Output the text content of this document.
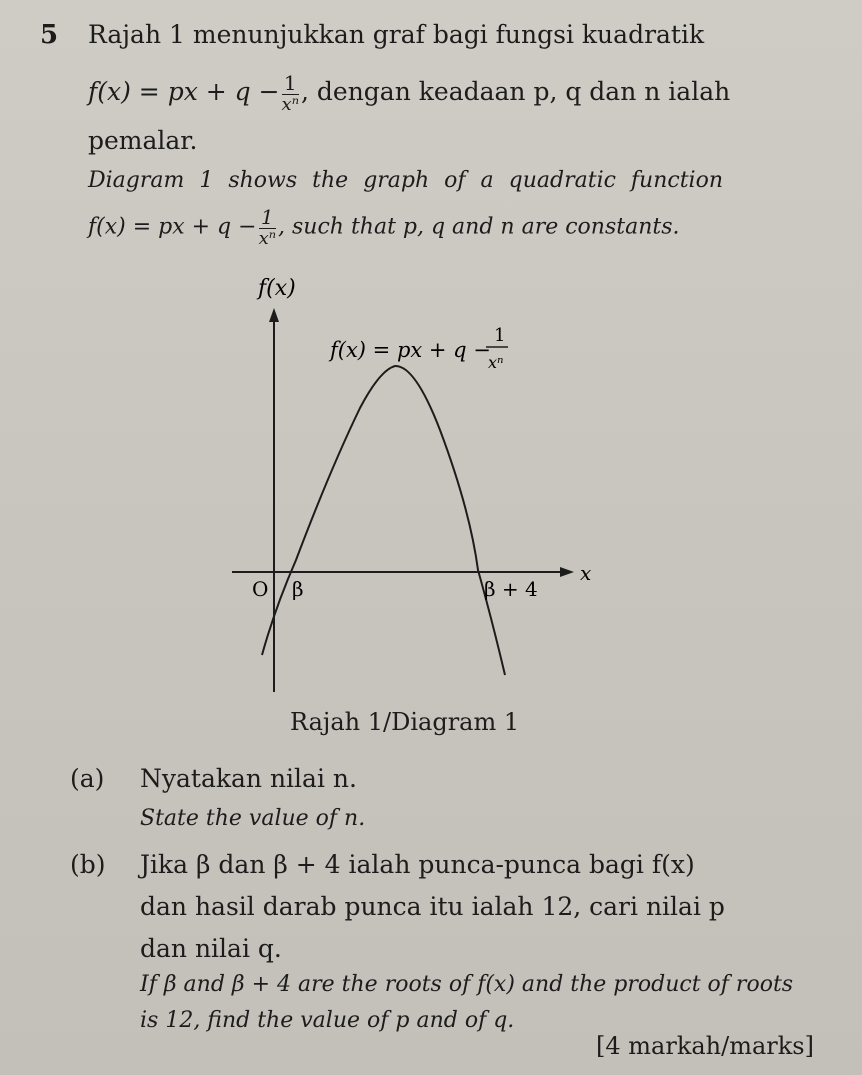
5 Rajah 1 menunjukkan graf bagi fungsi kuadratik
f(x) = px + $q - \frac{1}{\text{xⁿ}}$ , dengan keadaan p, q dan n ialah
pemalar.
Diagram 1 shows the graph of a quadratic function
f(x) = px + $q - \frac{1}{\text{xⁿ}}$ , such that p, q and n are constants.
f(x)
f(x) = px + q −
1
xⁿ
x
O β	β + 4
Rajah 1/Diagram 1
(a) Nyatakan nilai n.
State the value of n.
(b) Jika β dan β + 4 ialah punca-punca bagi f(x)
dan hasil darab punca itu ialah 12, cari nilai p
dan nilai q.
If β and β + 4 are the roots of f(x) and the product of roots
is 12, find the value of p and of q.
[4 markah/marks]
